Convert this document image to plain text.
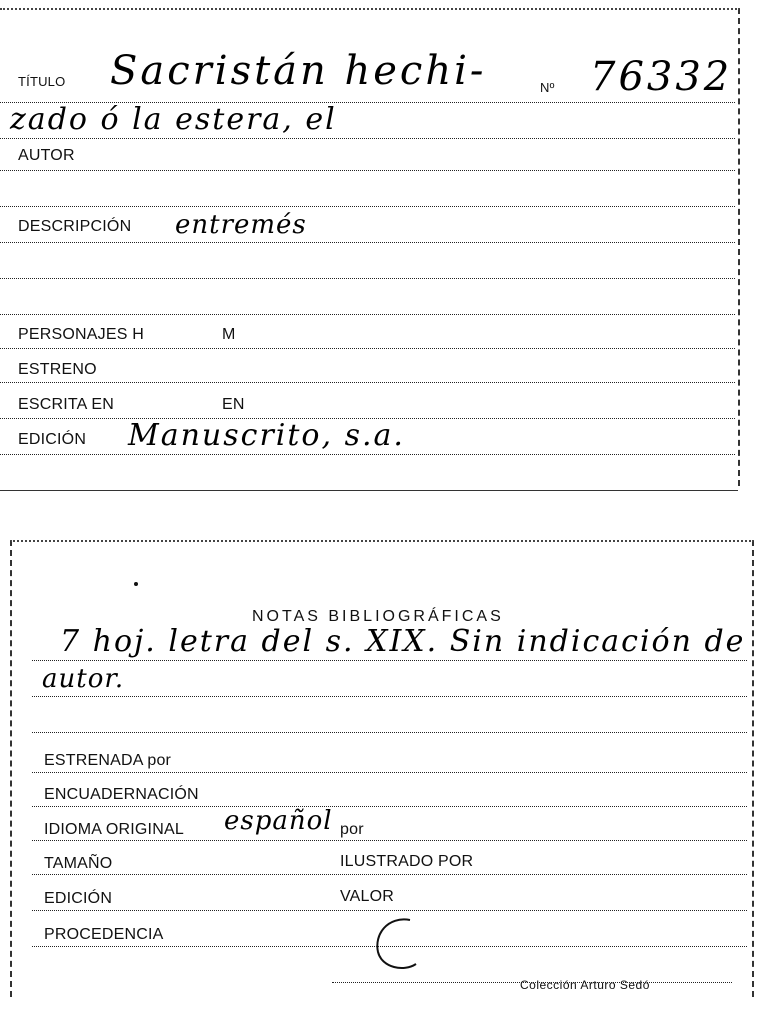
TÍTULO Sacristán hechi-	Nº 76332
zado ó la estera, el
AUTOR
DESCRIPCIÓN entremés
PERSONAJES H	M
ESTRENO
ESCRITA EN	EN
EDICIÓN Manuscrito, s.a.
NOTAS BIBLIOGRÁFICAS
7 hoj. letra del s. XIX. Sin indicación de
autor.
ESTRENADA por
ENCUADERNACIÓN
IDIOMA ORIGINAL español por
TAMAÑO	ILUSTRADO POR
EDICIÓN	VALOR
PROCEDENCIA
Colección Arturo Sedó
